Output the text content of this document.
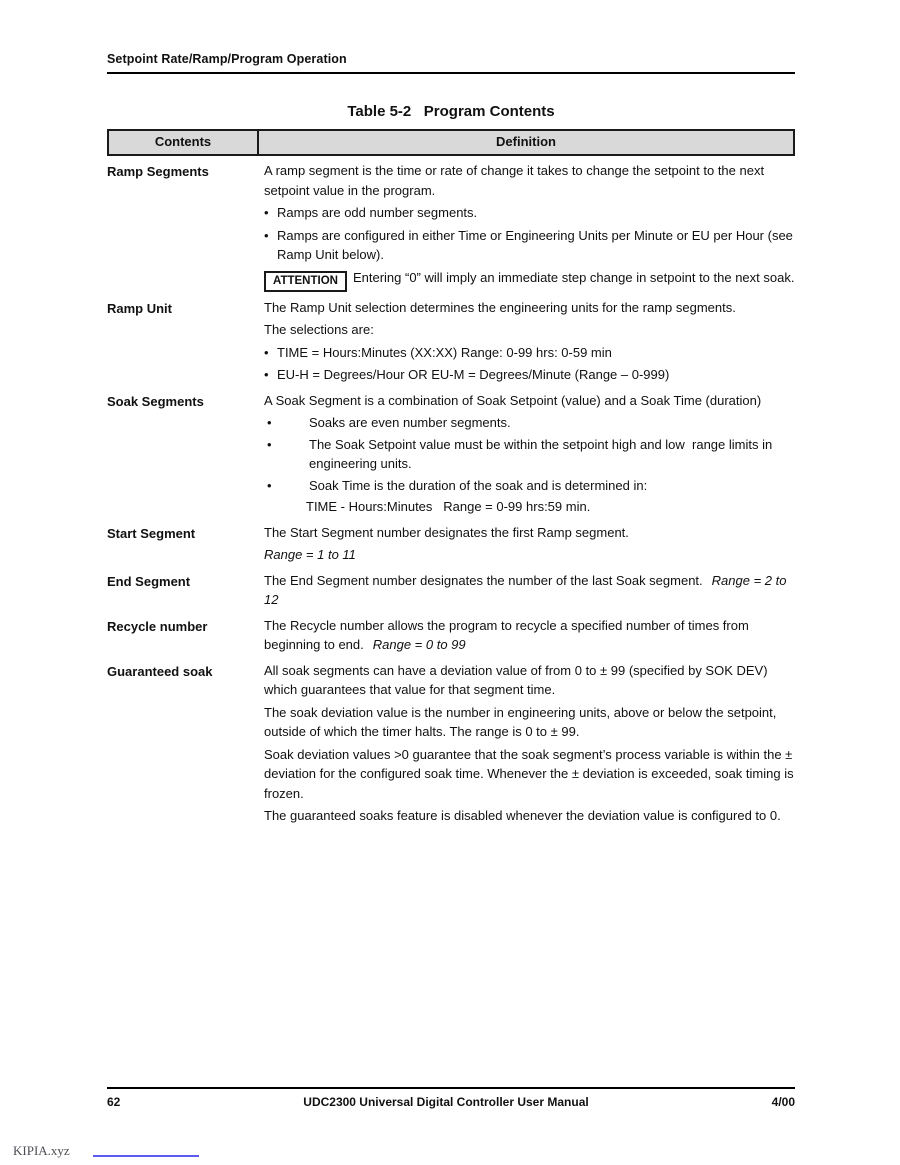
Setpoint Rate/Ramp/Program Operation
Table 5-2   Program Contents
Contents	Definition
Ramp Segments	A ramp segment is the time or rate of change it takes to change the setpoint to the next setpoint value in the program.

• Ramps are odd number segments.

• Ramps are configured in either Time or Engineering Units per Minute or EU per Hour (see Ramp Unit below).

ATTENTION Entering “0” will imply an immediate step change in setpoint to the next soak.

Ramp Unit	The Ramp Unit selection determines the engineering units for the ramp segments.

The selections are:

• TIME = Hours:Minutes (XX:XX) Range: 0-99 hrs: 0-59 min

• EU-H = Degrees/Hour OR EU-M = Degrees/Minute (Range – 0-999)

Soak Segments	A Soak Segment is a combination of Soak Setpoint (value) and a Soak Time (duration)

•	Soaks are even number segments.

•	The Soak Setpoint value must be within the setpoint high and low  range limits in engineering units.

•	Soak Time is the duration of the soak and is determined in:

TIME - Hours:Minutes   Range = 0-99 hrs:59 min.

Start Segment	The Start Segment number designates the first Ramp segment.

Range = 1 to 11

End Segment	The End Segment number designates the number of the last Soak segment. Range = 2 to 12

Recycle number	The Recycle number allows the program to recycle a specified number of times from beginning to end. Range = 0 to 99

Guaranteed soak	All soak segments can have a deviation value of from 0 to ± 99 (specified by SOK DEV) which guarantees that value for that segment time.

The soak deviation value is the number in engineering units, above or below the setpoint, outside of which the timer halts. The range is 0 to ± 99.

Soak deviation values >0 guarantee that the soak segment’s process variable is within the ± deviation for the configured soak time. Whenever the ± deviation is exceeded, soak timing is frozen.

The guaranteed soaks feature is disabled whenever the deviation value is configured to 0.

62	UDC2300 Universal Digital Controller User Manual	4/00
KIPIA.xyz
